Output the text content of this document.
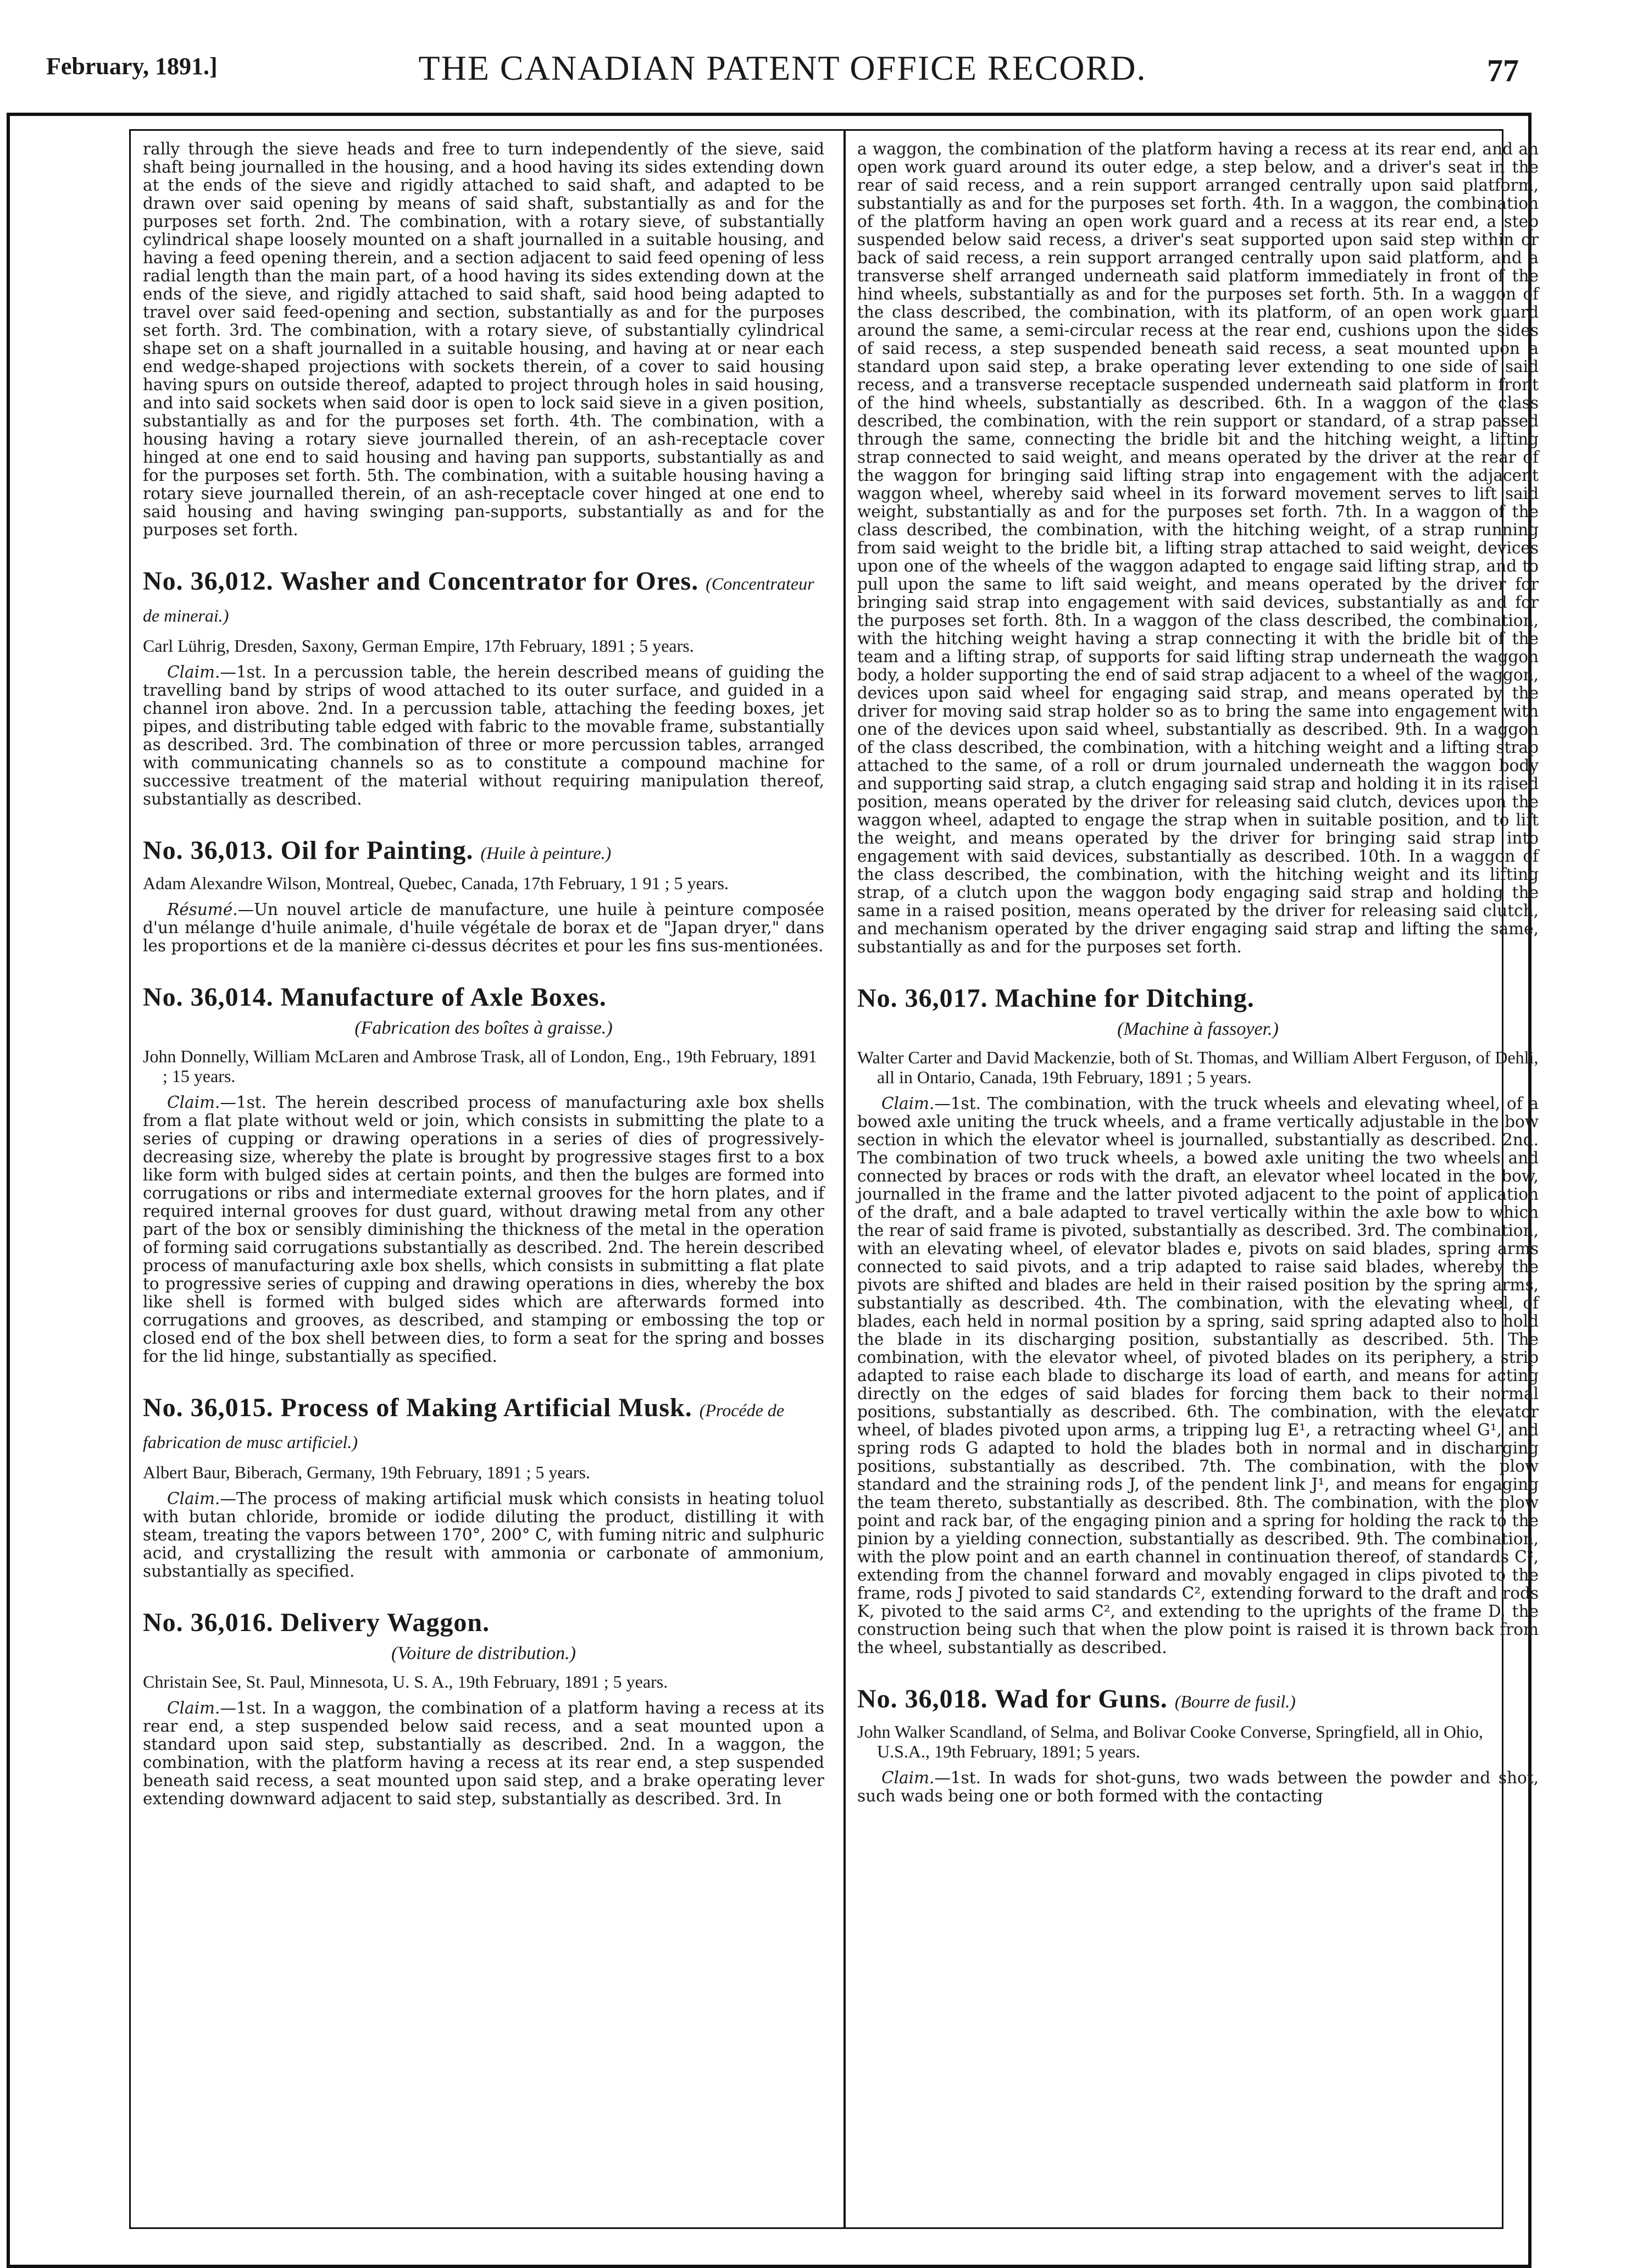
February, 1891.]	THE CANADIAN PATENT OFFICE RECORD.	77

rally through the sieve heads and free to turn independently of the sieve, said shaft being journalled in the housing, and a hood having its sides extending down at the ends of the sieve and rigidly attached to said shaft, and adapted to be drawn over said opening by means of said shaft, substantially as and for the purposes set forth. 2nd. The combination, with a rotary sieve, of substantially cylindrical shape loosely mounted on a shaft journalled in a suitable housing, and having a feed opening therein, and a section adjacent to said feed opening of less radial length than the main part, of a hood having its sides extending down at the ends of the sieve, and rigidly attached to said shaft, said hood being adapted to travel over said feed-opening and section, substantially as and for the purposes set forth. 3rd. The combination, with a rotary sieve, of substantially cylindrical shape set on a shaft journalled in a suitable housing, and having at or near each end wedge-shaped projections with sockets therein, of a cover to said housing having spurs on outside thereof, adapted to project through holes in said housing, and into said sockets when said door is open to lock said sieve in a given position, substantially as and for the purposes set forth. 4th. The combination, with a housing having a rotary sieve journalled therein, of an ash-receptacle cover hinged at one end to said housing and having pan supports, substantially as and for the purposes set forth. 5th. The combination, with a suitable housing having a rotary sieve journalled therein, of an ash-receptacle cover hinged at one end to said housing and having swinging pan-supports, substantially as and for the purposes set forth.

No. 36,012. Washer and Concentrator for Ores. (Concentrateur de minerai.)
Carl Lührig, Dresden, Saxony, German Empire, 17th February, 1891 ; 5 years.

Claim.—1st. In a percussion table, the herein described means of guiding the travelling band by strips of wood attached to its outer surface, and guided in a channel iron above. 2nd. In a percussion table, attaching the feeding boxes, jet pipes, and distributing table edged with fabric to the movable frame, substantially as described. 3rd. The combination of three or more percussion tables, arranged with communicating channels so as to constitute a compound machine for successive treatment of the material without requiring manipulation thereof, substantially as described.

No. 36,013. Oil for Painting. (Huile à peinture.)
Adam Alexandre Wilson, Montreal, Quebec, Canada, 17th February, 1 91 ; 5 years.

Résumé.—Un nouvel article de manufacture, une huile à peinture composée d'un mélange d'huile animale, d'huile végétale de borax et de "Japan dryer," dans les proportions et de la manière ci-dessus décrites et pour les fins sus-mentionées.

No. 36,014. Manufacture of Axle Boxes.
(Fabrication des boîtes à graisse.)
John Donnelly, William McLaren and Ambrose Trask, all of London, Eng., 19th February, 1891 ; 15 years.

Claim.—1st. The herein described process of manufacturing axle box shells from a flat plate without weld or join, which consists in submitting the plate to a series of cupping or drawing operations in a series of dies of progressively-decreasing size, whereby the plate is brought by progressive stages first to a box like form with bulged sides at certain points, and then the bulges are formed into corrugations or ribs and intermediate external grooves for the horn plates, and if required internal grooves for dust guard, without drawing metal from any other part of the box or sensibly diminishing the thickness of the metal in the operation of forming said corrugations substantially as described. 2nd. The herein described process of manufacturing axle box shells, which consists in submitting a flat plate to progressive series of cupping and drawing operations in dies, whereby the box like shell is formed with bulged sides which are afterwards formed into corrugations and grooves, as described, and stamping or embossing the top or closed end of the box shell between dies, to form a seat for the spring and bosses for the lid hinge, substantially as specified.

No. 36,015. Process of Making Artificial Musk. (Procéde de fabrication de musc artificiel.)
Albert Baur, Biberach, Germany, 19th February, 1891 ; 5 years.

Claim.—The process of making artificial musk which consists in heating toluol with butan chloride, bromide or iodide diluting the product, distilling it with steam, treating the vapors between 170°, 200° C, with fuming nitric and sulphuric acid, and crystallizing the result with ammonia or carbonate of ammonium, substantially as specified.

No. 36,016. Delivery Waggon.
(Voiture de distribution.)
Christain See, St. Paul, Minnesota, U. S. A., 19th February, 1891 ; 5 years.

Claim.—1st. In a waggon, the combination of a platform having a recess at its rear end, a step suspended below said recess, and a seat mounted upon a standard upon said step, substantially as described. 2nd. In a waggon, the combination, with the platform having a recess at its rear end, a step suspended beneath said recess, a seat mounted upon said step, and a brake operating lever extending downward adjacent to said step, substantially as described. 3rd. In

a waggon, the combination of the platform having a recess at its rear end, and an open work guard around its outer edge, a step below, and a driver's seat in the rear of said recess, and a rein support arranged centrally upon said platform, substantially as and for the purposes set forth. 4th. In a waggon, the combination of the platform having an open work guard and a recess at its rear end, a step suspended below said recess, a driver's seat supported upon said step within or back of said recess, a rein support arranged centrally upon said platform, and a transverse shelf arranged underneath said platform immediately in front of the hind wheels, substantially as and for the purposes set forth. 5th. In a waggon of the class described, the combination, with its platform, of an open work guard around the same, a semi-circular recess at the rear end, cushions upon the sides of said recess, a step suspended beneath said recess, a seat mounted upon a standard upon said step, a brake operating lever extending to one side of said recess, and a transverse receptacle suspended underneath said platform in front of the hind wheels, substantially as described. 6th. In a waggon of the class described, the combination, with the rein support or standard, of a strap passed through the same, connecting the bridle bit and the hitching weight, a lifting strap connected to said weight, and means operated by the driver at the rear of the waggon for bringing said lifting strap into engagement with the adjacent waggon wheel, whereby said wheel in its forward movement serves to lift said weight, substantially as and for the purposes set forth. 7th. In a waggon of the class described, the combination, with the hitching weight, of a strap running from said weight to the bridle bit, a lifting strap attached to said weight, devices upon one of the wheels of the waggon adapted to engage said lifting strap, and to pull upon the same to lift said weight, and means operated by the driver for bringing said strap into engagement with said devices, substantially as and for the purposes set forth. 8th. In a waggon of the class described, the combination, with the hitching weight having a strap connecting it with the bridle bit of the team and a lifting strap, of supports for said lifting strap underneath the waggon body, a holder supporting the end of said strap adjacent to a wheel of the waggon, devices upon said wheel for engaging said strap, and means operated by the driver for moving said strap holder so as to bring the same into engagement with one of the devices upon said wheel, substantially as described. 9th. In a waggon of the class described, the combination, with a hitching weight and a lifting strap attached to the same, of a roll or drum journaled underneath the waggon body and supporting said strap, a clutch engaging said strap and holding it in its raised position, means operated by the driver for releasing said clutch, devices upon the waggon wheel, adapted to engage the strap when in suitable position, and to lift the weight, and means operated by the driver for bringing said strap into engagement with said devices, substantially as described. 10th. In a waggon of the class described, the combination, with the hitching weight and its lifting strap, of a clutch upon the waggon body engaging said strap and holding the same in a raised position, means operated by the driver for releasing said clutch, and mechanism operated by the driver engaging said strap and lifting the same, substantially as and for the purposes set forth.

No. 36,017. Machine for Ditching.
(Machine à fassoyer.)
Walter Carter and David Mackenzie, both of St. Thomas, and William Albert Ferguson, of Dehli, all in Ontario, Canada, 19th February, 1891 ; 5 years.

Claim.—1st. The combination, with the truck wheels and elevating wheel, of a bowed axle uniting the truck wheels, and a frame vertically adjustable in the bow section in which the elevator wheel is journalled, substantially as described. 2nd. The combination of two truck wheels, a bowed axle uniting the two wheels and connected by braces or rods with the draft, an elevator wheel located in the bow, journalled in the frame and the latter pivoted adjacent to the point of application of the draft, and a bale adapted to travel vertically within the axle bow to which the rear of said frame is pivoted, substantially as described. 3rd. The combination, with an elevating wheel, of elevator blades e, pivots on said blades, spring arms connected to said pivots, and a trip adapted to raise said blades, whereby the pivots are shifted and blades are held in their raised position by the spring arms, substantially as described. 4th. The combination, with the elevating wheel, of blades, each held in normal position by a spring, said spring adapted also to hold the blade in its discharging position, substantially as described. 5th. The combination, with the elevator wheel, of pivoted blades on its periphery, a strip adapted to raise each blade to discharge its load of earth, and means for acting directly on the edges of said blades for forcing them back to their normal positions, substantially as described. 6th. The combination, with the elevator wheel, of blades pivoted upon arms, a tripping lug E¹, a retracting wheel G¹, and spring rods G adapted to hold the blades both in normal and in discharging positions, substantially as described. 7th. The combination, with the plow standard and the straining rods J, of the pendent link J¹, and means for engaging the team thereto, substantially as described. 8th. The combination, with the plow point and rack bar, of the engaging pinion and a spring for holding the rack to the pinion by a yielding connection, substantially as described. 9th. The combination, with the plow point and an earth channel in continuation thereof, of standards C², extending from the channel forward and movably engaged in clips pivoted to the frame, rods J pivoted to said standards C², extending forward to the draft and rods K, pivoted to the said arms C², and extending to the uprights of the frame D, the construction being such that when the plow point is raised it is thrown back from the wheel, substantially as described.

No. 36,018. Wad for Guns. (Bourre de fusil.)
John Walker Scandland, of Selma, and Bolivar Cooke Converse, Springfield, all in Ohio, U.S.A., 19th February, 1891; 5 years.

Claim.—1st. In wads for shot-guns, two wads between the powder and shot, such wads being one or both formed with the contacting
